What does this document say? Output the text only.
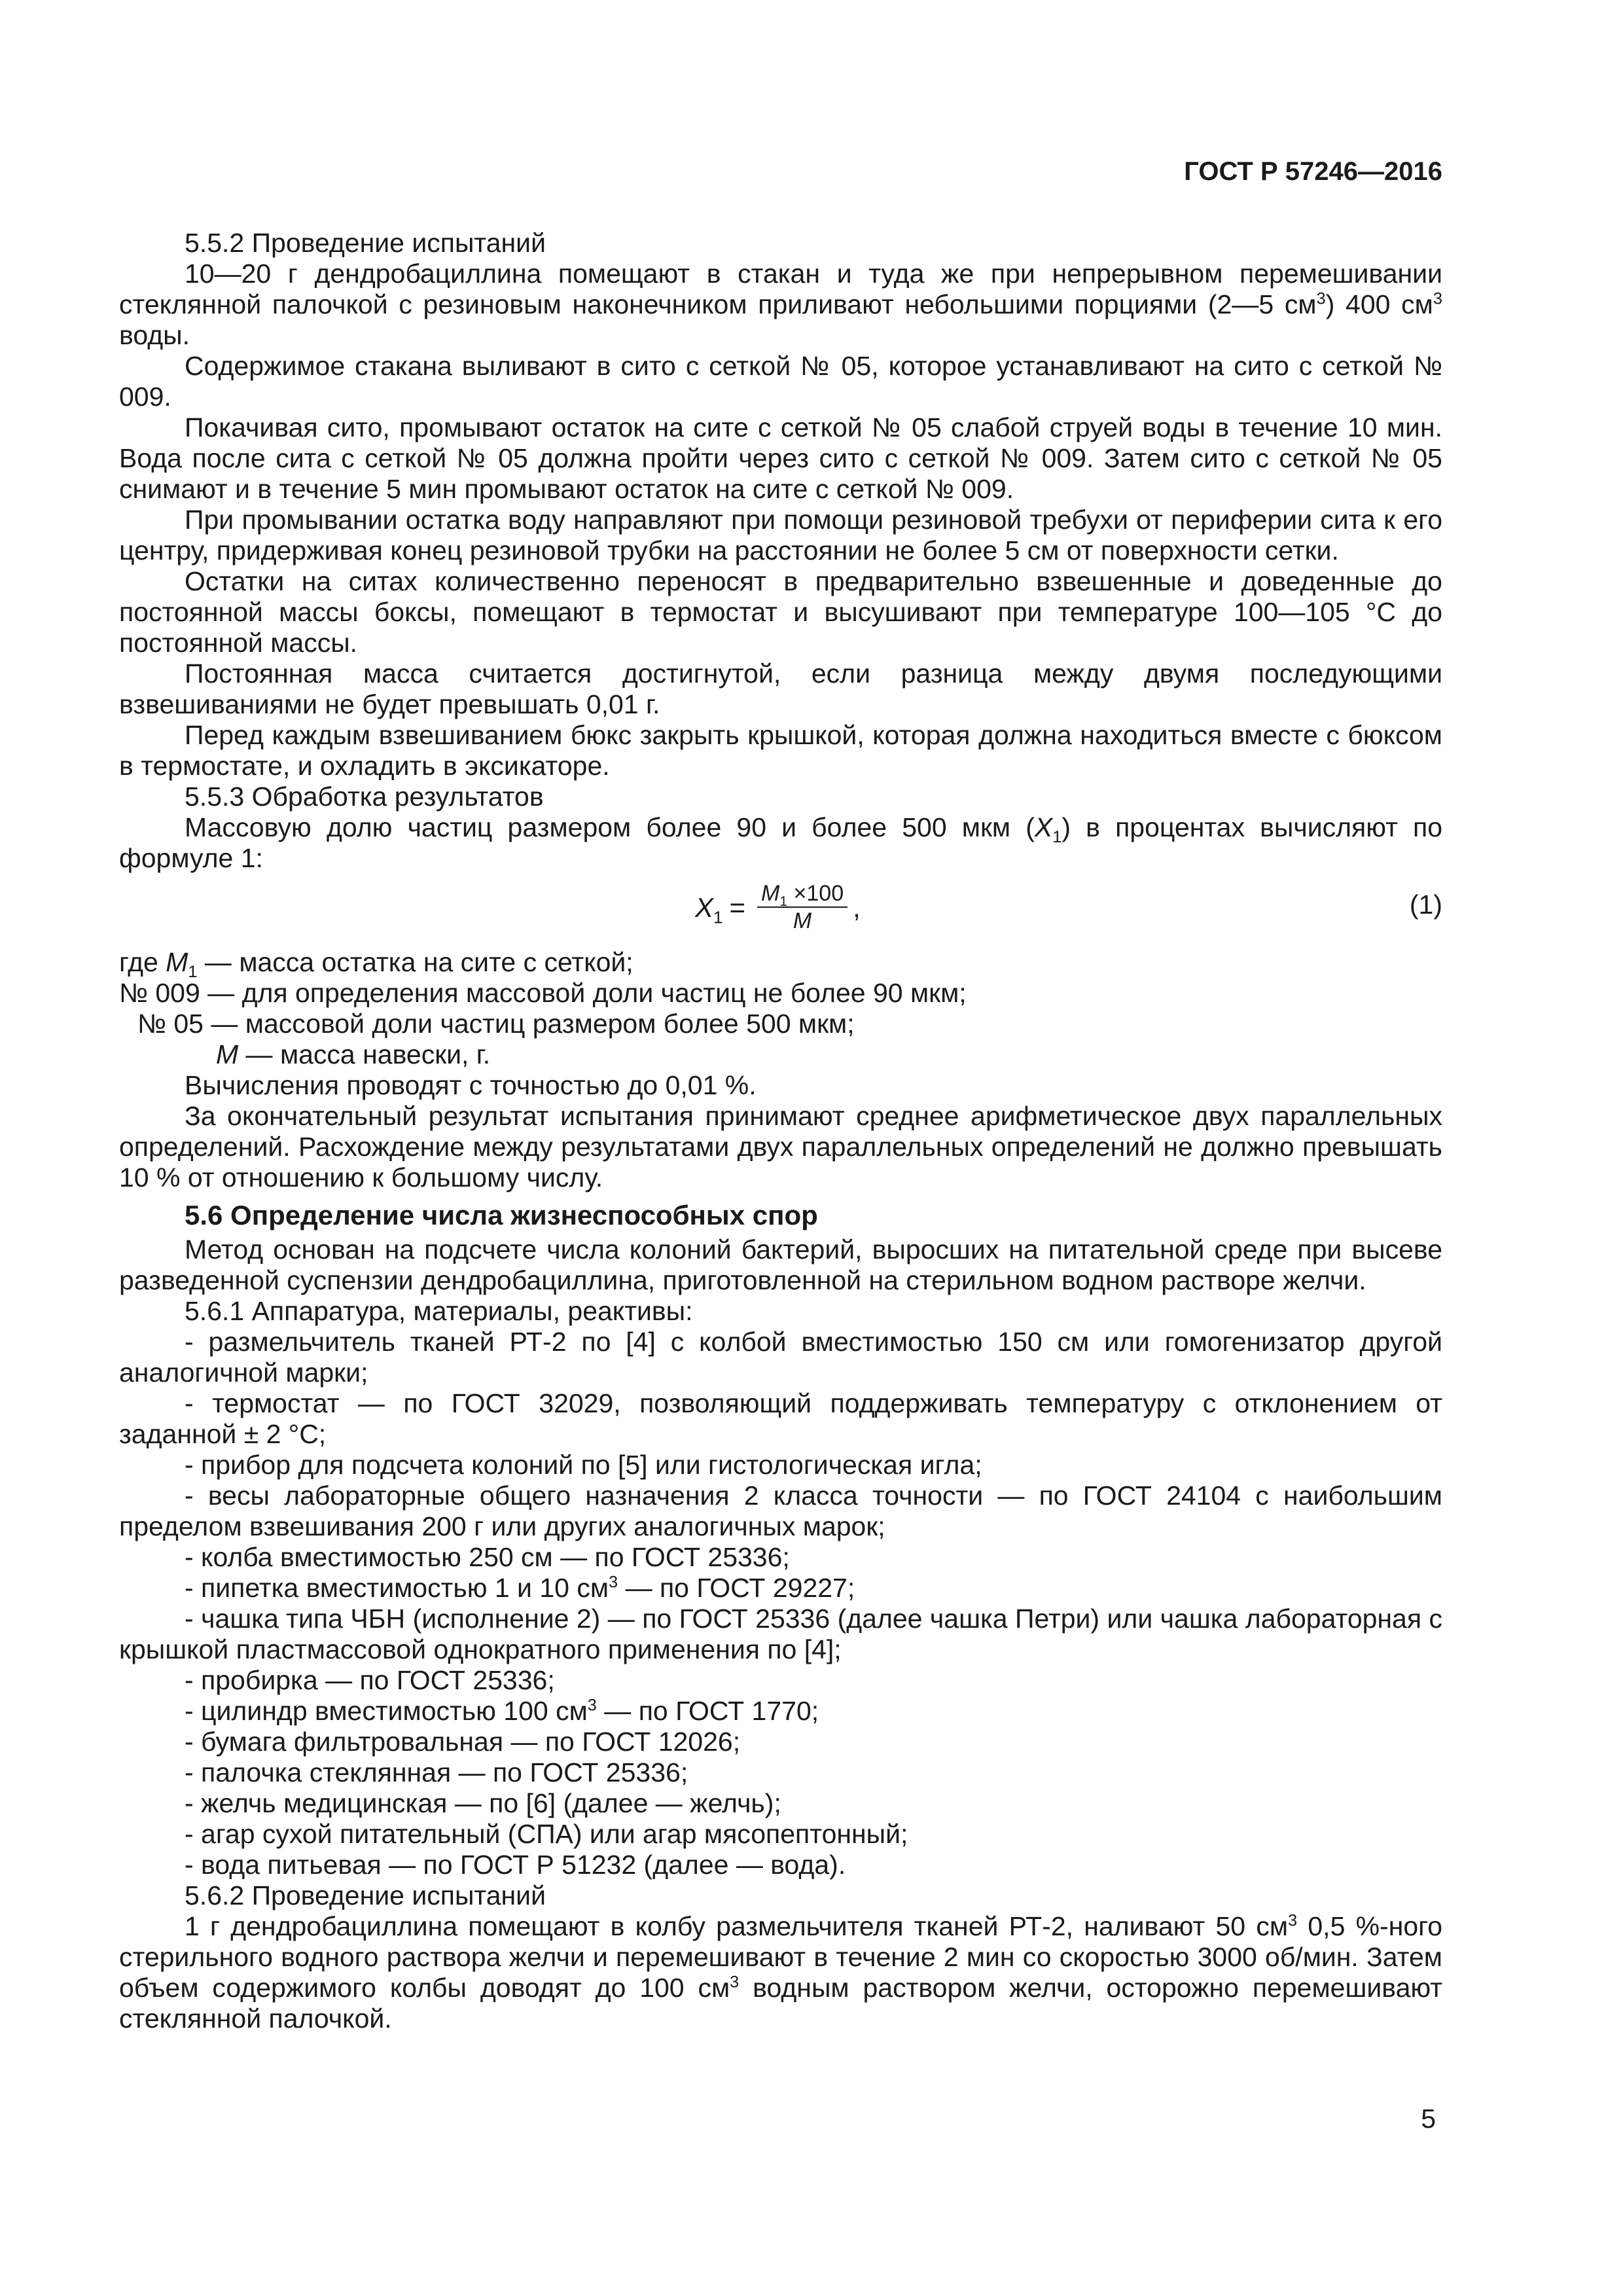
ГОСТ Р 57246—2016

5.5.2 Проведение испытаний

10—20 г дендробациллина помещают в стакан и туда же при непрерывном перемешивании стеклянной палочкой с резиновым наконечником приливают небольшими порциями (2—5 $см^3$) 400 $см^3$ воды.

Содержимое стакана выливают в сито с сеткой № 05, которое устанавливают на сито с сеткой № 009.

Покачивая сито, промывают остаток на сите с сеткой № 05 слабой струей воды в течение 10 мин. Вода после сита с сеткой № 05 должна пройти через сито с сеткой № 009. Затем сито с сеткой № 05 снимают и в течение 5 мин промывают остаток на сите с сеткой № 009.

При промывании остатка воду направляют при помощи резиновой требухи от периферии сита к его центру, придерживая конец резиновой трубки на расстоянии не более 5 см от поверхности сетки.

Остатки на ситах количественно переносят в предварительно взвешенные и доведенные до постоянной массы боксы, помещают в термостат и высушивают при температуре 100—105 °С до постоянной массы.

Постоянная масса считается достигнутой, если разница между двумя последующими взвешиваниями не будет превышать 0,01 г.

Перед каждым взвешиванием бюкс закрыть крышкой, которая должна находиться вместе с бюксом в термостате, и охладить в эксикаторе.

5.5.3 Обработка результатов

Массовую долю частиц размером более 90 и более 500 мкм $(X_1)$ в процентах вычисляют по формуле 1:

$X_1 = \frac{M_1 \times 100}{M}$ ,	(1)

где $M_1$ — масса остатка на сите с сеткой;

№ 009 — для определения массовой доли частиц не более 90 мкм;

№ 05 — массовой доли частиц размером более 500 мкм;

M — масса навески, г.

Вычисления проводят с точностью до 0,01 %.

За окончательный результат испытания принимают среднее арифметическое двух параллельных определений. Расхождение между результатами двух параллельных определений не должно превышать 10 % от отношению к большому числу.

5.6 Определение числа жизнеспособных спор

Метод основан на подсчете числа колоний бактерий, выросших на питательной среде при высеве разведенной суспензии дендробациллина, приготовленной на стерильном водном растворе желчи.

5.6.1 Аппаратура, материалы, реактивы:

- размельчитель тканей РТ-2 по [4] с колбой вместимостью 150 см или гомогенизатор другой аналогичной марки;

- термостат — по ГОСТ 32029, позволяющий поддерживать температуру с отклонением от заданной ± 2 °С;

- прибор для подсчета колоний по [5] или гистологическая игла;

- весы лабораторные общего назначения 2 класса точности — по ГОСТ 24104 с наибольшим пределом взвешивания 200 г или других аналогичных марок;

- колба вместимостью 250 см — по ГОСТ 25336;

- пипетка вместимостью 1 и 10 $см^3$ — по ГОСТ 29227;

- чашка типа ЧБН (исполнение 2) — по ГОСТ 25336 (далее чашка Петри) или чашка лабораторная с крышкой пластмассовой однократного применения по [4];

- пробирка — по ГОСТ 25336;

- цилиндр вместимостью 100 $см^3$ — по ГОСТ 1770;

- бумага фильтровальная — по ГОСТ 12026;

- палочка стеклянная — по ГОСТ 25336;

- желчь медицинская — по [6] (далее — желчь);

- агар сухой питательный (СПА) или агар мясопептонный;

- вода питьевая — по ГОСТ Р 51232 (далее — вода).

5.6.2 Проведение испытаний

1 г дендробациллина помещают в колбу размельчителя тканей РТ-2, наливают 50 $см^3$ 0,5 %-ного стерильного водного раствора желчи и перемешивают в течение 2 мин со скоростью 3000 об/мин. Затем объем содержимого колбы доводят до 100 $см^3$ водным раствором желчи, осторожно перемешивают стеклянной палочкой.

5
